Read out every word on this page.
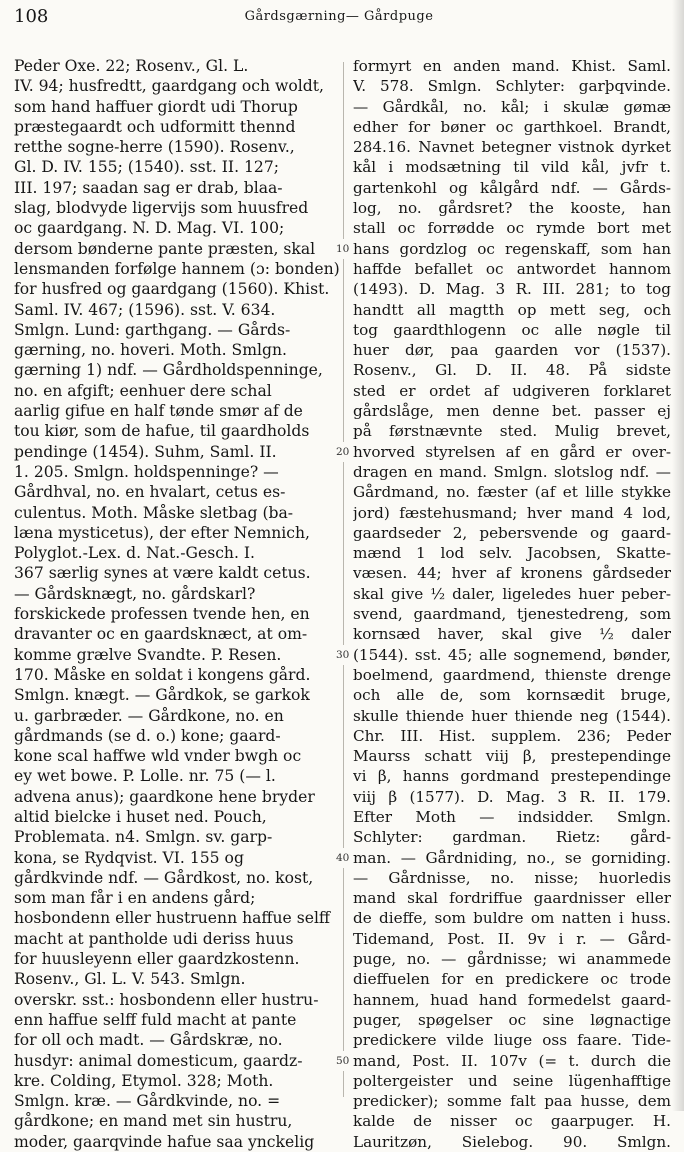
108	Gårdsgærning— Gårdpuge
Peder Oxe. 22; Rosenv., Gl. L.
IV. 94; husfredtt, gaardgang och woldt,
som hand haffuer giordt udi Thorup
præstegaardt och udformitt thennd
retthe sogne-herre (1590). Rosenv.,
Gl. D. IV. 155; (1540). sst. II. 127;
III. 197; saadan sag er drab, blaa-
slag, blodvyde ligervijs som huusfred
oc gaardgang. N. D. Mag. VI. 100;
dersom bønderne pante præsten, skal
lensmanden forfølge hannem (ɔ: bonden)
for husfred og gaardgang (1560). Khist.
Saml. IV. 467; (1596). sst. V. 634.
Smlgn. Lund: garthgang. — Gårds-
gærning, no. hoveri. Moth. Smlgn.
gærning 1) ndf. — Gårdholdspenninge,
no. en afgift; eenhuer dere schal
aarlig gifue en half tønde smør af de
tou kiør, som de hafue, til gaardholds
pendinge (1454). Suhm, Saml. II.
1. 205. Smlgn. holdspenninge? —
Gårdhval, no. en hvalart, cetus es-
culentus. Moth. Måske sletbag (ba-
læna mysticetus), der efter Nemnich,
Polyglot.-Lex. d. Nat.-Gesch. I.
367 særlig synes at være kaldt cetus.
— Gårdsknægt, no. gårdskarl?
forskickede professen tvende hen, en
dravanter oc en gaardsknæct, at om-
komme grælve Svandte. P. Resen.
170. Måske en soldat i kongens gård.
Smlgn. knægt. — Gårdkok, se garkok
u. garbræder. — Gårdkone, no. en
gårdmands (se d. o.) kone; gaard-
kone scal haffwe wld vnder bwgh oc
ey wet bowe. P. Lolle. nr. 75 (— l.
advena anus); gaardkone hene bryder
altid bielcke i huset ned. Pouch,
Problemata. n4. Smlgn. sv. garp-
kona, se Rydqvist. VI. 155 og
gårdkvinde ndf. — Gårdkost, no. kost,
som man får i en andens gård;
hosbondenn eller hustruenn haffue selff
macht at pantholde udi deriss huus
for huusleyenn eller gaardzkostenn.
Rosenv., Gl. L. V. 543. Smlgn.
overskr. sst.: hosbondenn eller hustru-
enn haffue selff fuld macht at pante
for oll och madt. — Gårdskræ, no.
husdyr: animal domesticum, gaardz-
kre. Colding, Etymol. 328; Moth.
Smlgn. kræ. — Gårdkvinde, no. =
gårdkone; en mand met sin hustru,
moder, gaarqvinde hafue saa ynckelig
10
20
30
40
50
formyrt en anden mand. Khist. Saml.
V. 578. Smlgn. Schlyter: garþqvinde.
— Gårdkål, no. kål; i skulæ gømæ
edher for bøner oc garthkoel. Brandt,
284.16. Navnet betegner vistnok dyrket
kål i modsætning til vild kål, jvfr t.
gartenkohl og kålgård ndf. — Gårds-
log, no. gårdsret? the kooste, han
stall oc forrødde oc rymde bort met
hans gordzlog oc regenskaff, som han
haffde befallet oc antwordet hannom
(1493). D. Mag. 3 R. III. 281; to tog
handtt all magtth op mett seg, och
tog gaardthlogenn oc alle nøgle til
huer dør, paa gaarden vor (1537).
Rosenv., Gl. D. II. 48. På sidste
sted er ordet af udgiveren forklaret
gårdslåge, men denne bet. passer ej
på førstnævnte sted. Mulig brevet,
hvorved styrelsen af en gård er over-
dragen en mand. Smlgn. slotslog ndf. —
Gårdmand, no. fæster (af et lille stykke
jord) fæstehusmand; hver mand 4 lod,
gaardseder 2, pebersvende og gaard-
mænd 1 lod selv. Jacobsen, Skatte-
væsen. 44; hver af kronens gårdseder
skal give ½ daler, ligeledes huer peber-
svend, gaardmand, tjenestedreng, som
kornsæd haver, skal give ½ daler
(1544). sst. 45; alle sognemend, bønder,
boelmend, gaardmend, thienste drenge
och alle de, som kornsædit bruge,
skulle thiende huer thiende neg (1544).
Chr. III. Hist. supplem. 236; Peder
Maurss schatt viij β, prestependinge
vi β, hanns gordmand prestependinge
viij β (1577). D. Mag. 3 R. II. 179.
Efter Moth — indsidder. Smlgn.
Schlyter: gardman. Rietz: gård-
man. — Gårdniding, no., se gorniding.
— Gårdnisse, no. nisse; huorledis
mand skal fordriffue gaardnisser eller
de dieffe, som buldre om natten i huss.
Tidemand, Post. II. 9v i r. — Gård-
puge, no. — gårdnisse; wi anammede
dieffuelen for en predickere oc trode
hannem, huad hand formedelst gaard-
puger, spøgelser oc sine løgnactige
predickere vilde liuge oss faare. Tide-
mand, Post. II. 107v (= t. durch die
poltergeister und seine lügenhafftige
predicker); somme falt paa husse, dem
kalde de nisser oc gaarpuger. H.
Lauritzøn, Sielebog. 90. Smlgn.
